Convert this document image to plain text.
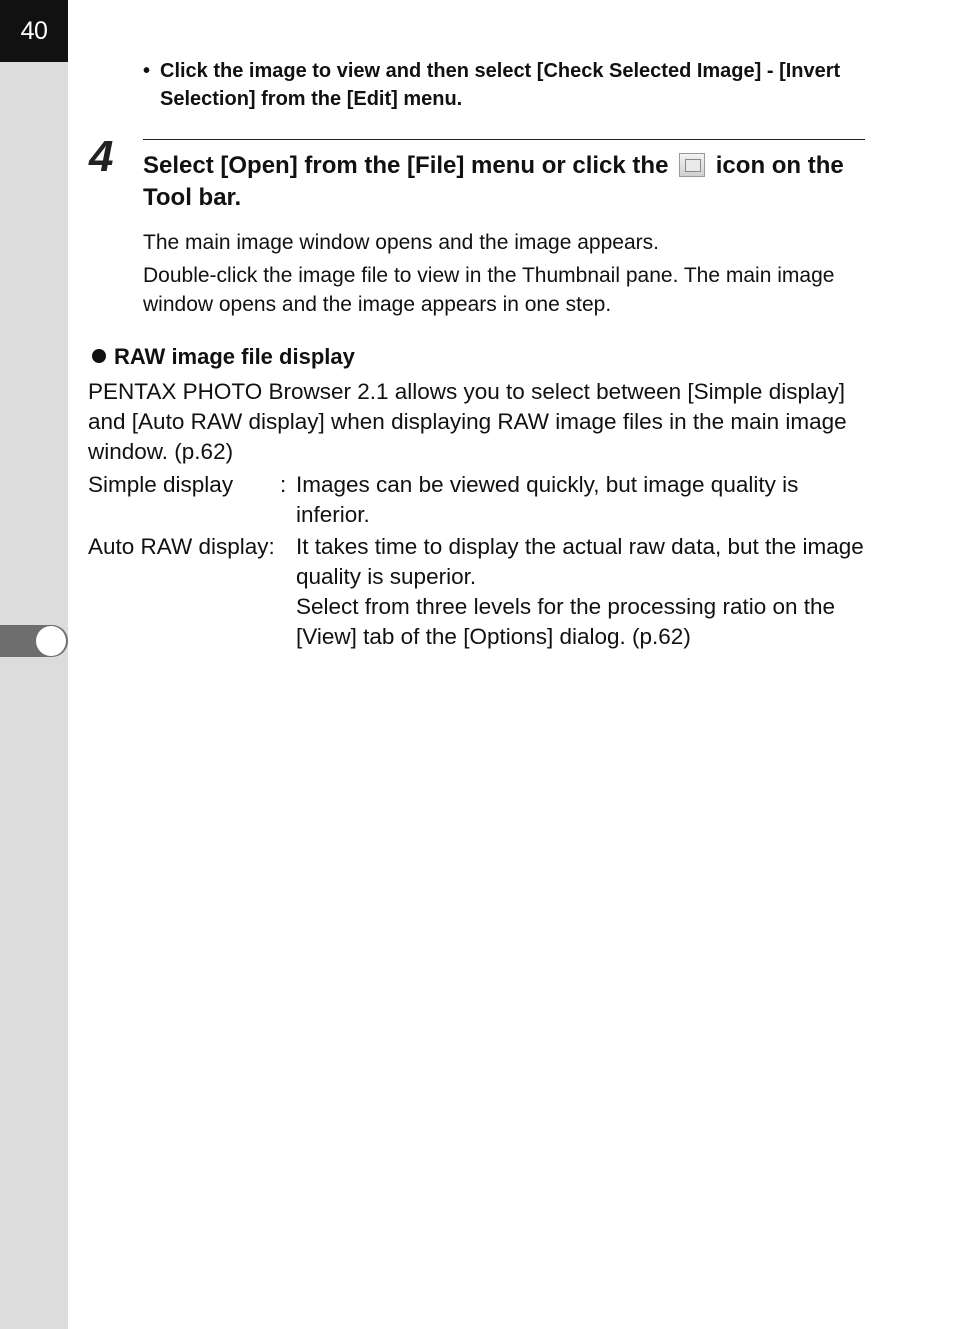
40
• Click the image to view and then select [Check Selected Image] - [Invert Selection] from the [Edit] menu.
4 Select [Open] from the [File] menu or click the icon on the Tool bar.

The main image window opens and the image appears.

Double-click the image file to view in the Thumbnail pane. The main image window opens and the image appears in one step.

RAW image file display

PENTAX PHOTO Browser 2.1 allows you to select between [Simple display] and [Auto RAW display] when displaying RAW image files in the main image window. (p.62)

Simple display	: Images can be viewed quickly, but image quality is inferior.
Auto RAW display: It takes time to display the actual raw data, but the image quality is superior.
Select from three levels for the processing ratio on the [View] tab of the [Options] dialog. (p.62)
